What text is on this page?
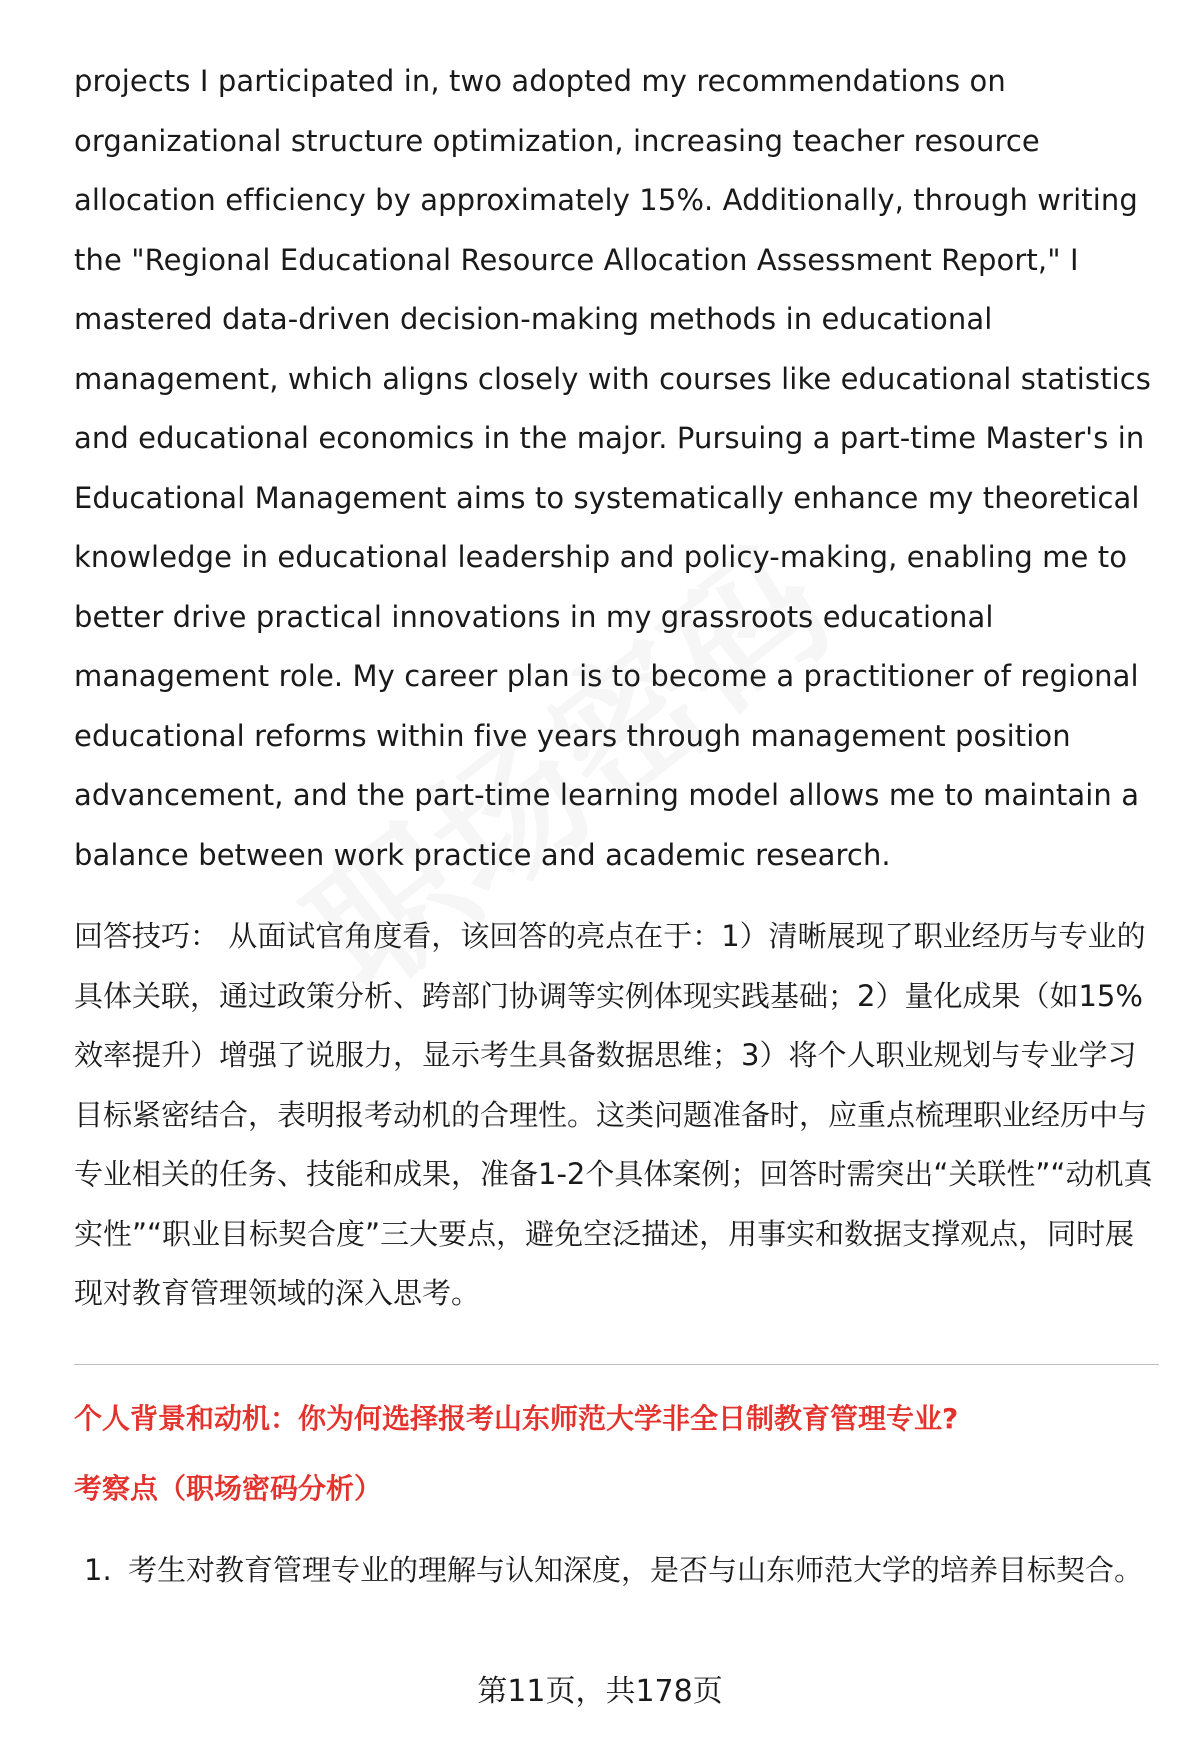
projects I participated in, two adopted my recommendations on organizational structure optimization, increasing teacher resource allocation efficiency by approximately 15%. Additionally, through writing the "Regional Educational Resource Allocation Assessment Report," I mastered data-driven decision-making methods in educational management, which aligns closely with courses like educational statistics and educational economics in the major. Pursuing a part-time Master's in Educational Management aims to systematically enhance my theoretical knowledge in educational leadership and policy-making, enabling me to better drive practical innovations in my grassroots educational management role. My career plan is to become a practitioner of regional educational reforms within five years through management position advancement, and the part-time learning model allows me to maintain a balance between work practice and academic research.

回答技巧： 从面试官角度看，该回答的亮点在于：1）清晰展现了职业经历与专业的具体关联，通过政策分析、跨部门协调等实例体现实践基础；2）量化成果（如15%效率提升）增强了说服力，显示考生具备数据思维；3）将个人职业规划与专业学习目标紧密结合，表明报考动机的合理性。这类问题准备时，应重点梳理职业经历中与专业相关的任务、技能和成果，准备1-2个具体案例；回答时需突出“关联性”“动机真实性”“职业目标契合度”三大要点，避免空泛描述，用事实和数据支撑观点，同时展现对教育管理领域的深入思考。

个人背景和动机：你为何选择报考山东师范大学非全日制教育管理专业?
考察点（职场密码分析）
1. 考生对教育管理专业的理解与认知深度，是否与山东师范大学的培养目标契合。
第11页，共178页
